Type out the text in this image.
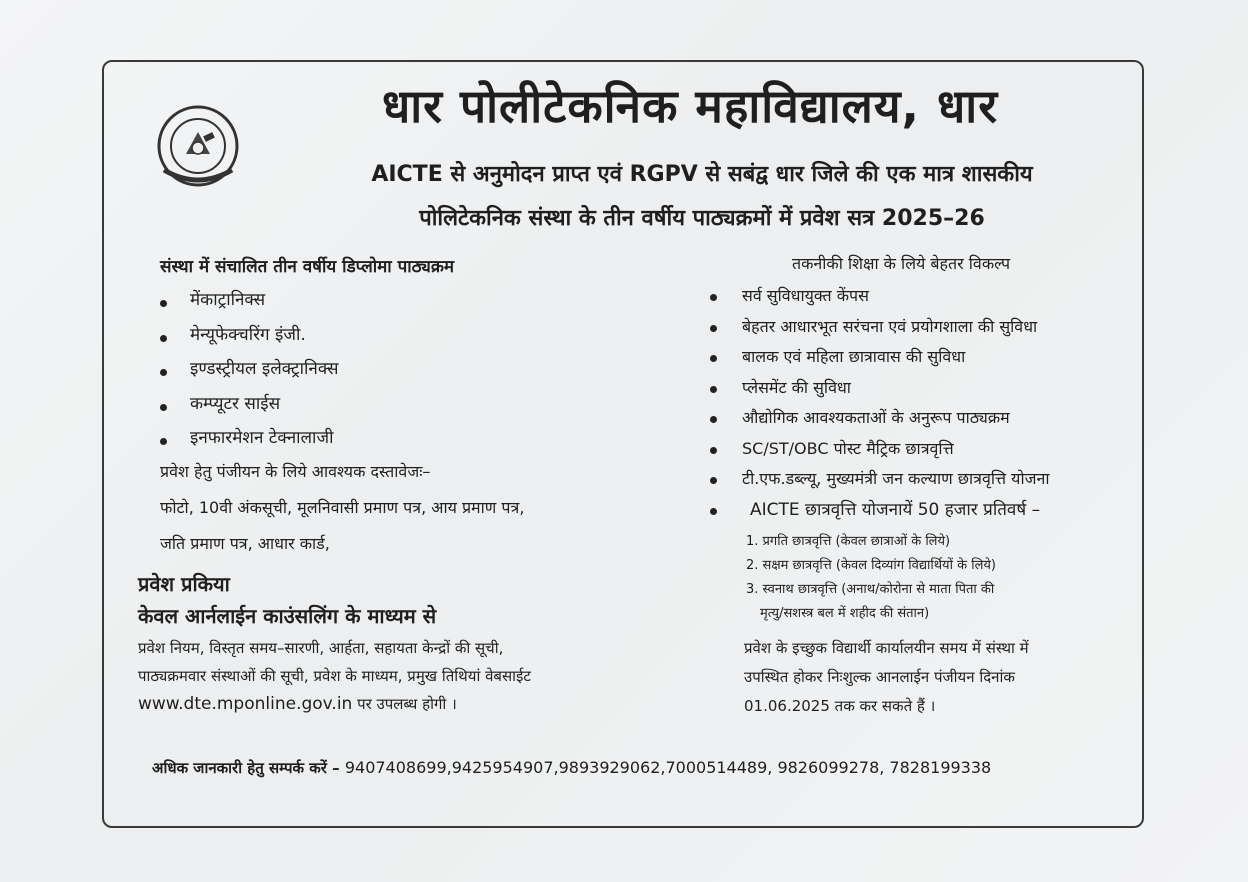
धार पोलीटेकनिक महाविद्यालय, धार
AICTE से अनुमोदन प्राप्त एवं RGPV से सबंद्व धार जिले की एक मात्र शासकीय
पोलिटेकनिक संस्था के तीन वर्षीय पाठ्यक्रमों में प्रवेश सत्र 2025–26
संस्था में संचालित तीन वर्षीय डिप्लोमा पाठ्यक्रम
मेंकाट्रानिक्स
मेन्यूफेक्चरिंग इंजी.
इण्डस्ट्रीयल इलेक्ट्रानिक्स
कम्प्यूटर साईस
इनफारमेशन टेक्नालाजी
प्रवेश हेतु पंजीयन के लिये आवश्यक दस्तावेजः–
फोटो, 10वी अंकसूची, मूलनिवासी प्रमाण पत्र, आय प्रमाण पत्र,
जति प्रमाण पत्र, आधार कार्ड,
प्रवेश प्रकिया
केवल आर्नलाईन काउंसलिंग के माध्यम से
प्रवेश नियम, विस्तृत समय–सारणी, आर्हता, सहायता केन्द्रों की सूची,
पाठ्यक्रमवार संस्थाओं की सूची, प्रवेश के माध्यम, प्रमुख तिथियां वेबसाईट
www.dte.mponline.gov.in पर उपलब्ध होगी ।
तकनीकी शिक्षा के लिये बेहतर विकल्प
सर्व सुविधायुक्त केंपस
बेहतर आधारभूत सरंचना एवं प्रयोगशाला की सुविधा
बालक एवं महिला छात्रावास की सुविधा
प्लेसमेंट की सुविधा
औद्योगिक आवश्यकताओं के अनुरूप पाठ्यक्रम
SC/ST/OBC पोस्ट मैट्रिक छात्रवृत्ति
टी.एफ.डब्ल्यू, मुख्यमंत्री जन कल्याण छात्रवृत्ति योजना
AICTE छात्रवृत्ति योजनायें 50 हजार प्रतिवर्ष –
1. प्रगति छात्रवृत्ति (केवल छात्राओं के लिये)
2. सक्षम छात्रवृत्ति (केवल दिव्यांग विद्यार्थियों के लिये)
3. स्वनाथ छात्रवृत्ति (अनाथ/कोरोना से माता पिता की
मृत्यु/सशस्त्र बल में शहीद की संतान)
प्रवेश के इच्छुक विद्यार्थी कार्यालयीन समय में संस्था में
उपस्थित होकर निःशुल्क आनलाईन पंजीयन दिनांक
01.06.2025 तक कर सकते हैं ।
अधिक जानकारी हेतु सम्पर्क करें – 9407408699,9425954907,9893929062,7000514489, 9826099278, 7828199338
